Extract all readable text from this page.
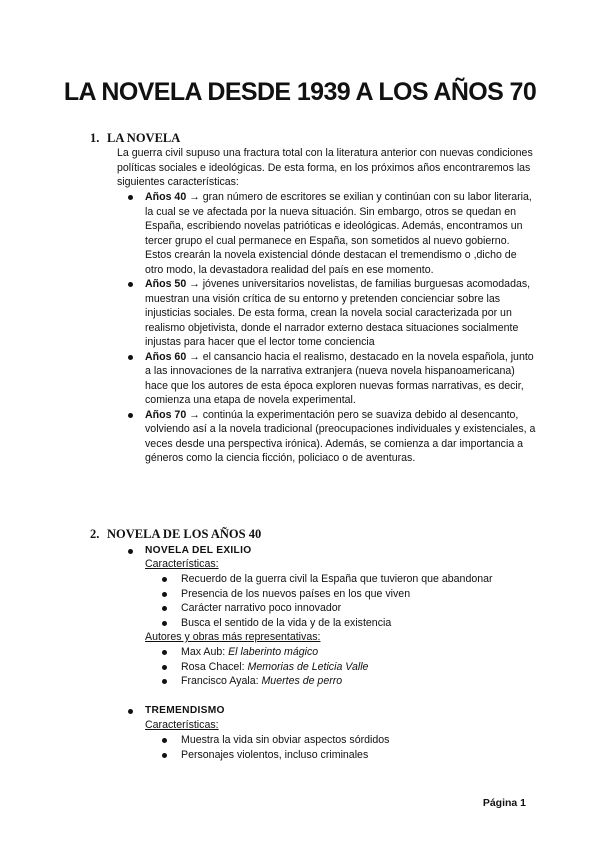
LA NOVELA DESDE 1939 A LOS AÑOS 70
1. LA NOVELA

La guerra civil supuso una fractura total con la literatura anterior con nuevas condiciones políticas sociales e ideológicas. De esta forma, en los próximos años encontraremos las siguientes características:

Años 40 → gran número de escritores se exilian y continúan con su labor literaria, la cual se ve afectada por la nueva situación. Sin embargo, otros se quedan en España, escribiendo novelas patrióticas e ideológicas. Además, encontramos un tercer grupo el cual permanece en España, son sometidos al nuevo gobierno. Estos crearán la novela existencial dónde destacan el tremendismo o ,dicho de otro modo, la devastadora realidad del país en ese momento.
Años 50 → jóvenes universitarios novelistas, de familias burguesas acomodadas, muestran una visión crítica de su entorno y pretenden concienciar sobre las injusticias sociales. De esta forma, crean la novela social caracterizada por un realismo objetivista, donde el narrador externo destaca situaciones socialmente injustas para hacer que el lector tome conciencia
Años 60 → el cansancio hacia el realismo, destacado en la novela española, junto a las innovaciones de la narrativa extranjera (nueva novela hispanoamericana) hace que los autores de esta época exploren nuevas formas narrativas, es decir, comienza una etapa de novela experimental.
Años 70 → continúa la experimentación pero se suaviza debido al desencanto, volviendo así a la novela tradicional (preocupaciones individuales y existenciales, a veces desde una perspectiva irónica). Además, se comienza a dar importancia a géneros como la ciencia ficción, policiaco o de aventuras.
2. NOVELA DE LOS AÑOS 40

NOVELA DEL EXILIO

Características:

Recuerdo de la guerra civil la España que tuvieron que abandonar
Presencia de los nuevos países en los que viven
Carácter narrativo poco innovador
Busca el sentido de la vida y de la existencia

Autores y obras más representativas:

Max Aub: El laberinto mágico
Rosa Chacel: Memorias de Leticia Valle
Francisco Ayala: Muertes de perro

TREMENDISMO

Características:

Muestra la vida sin obviar aspectos sórdidos
Personajes violentos, incluso criminales
Página 1
